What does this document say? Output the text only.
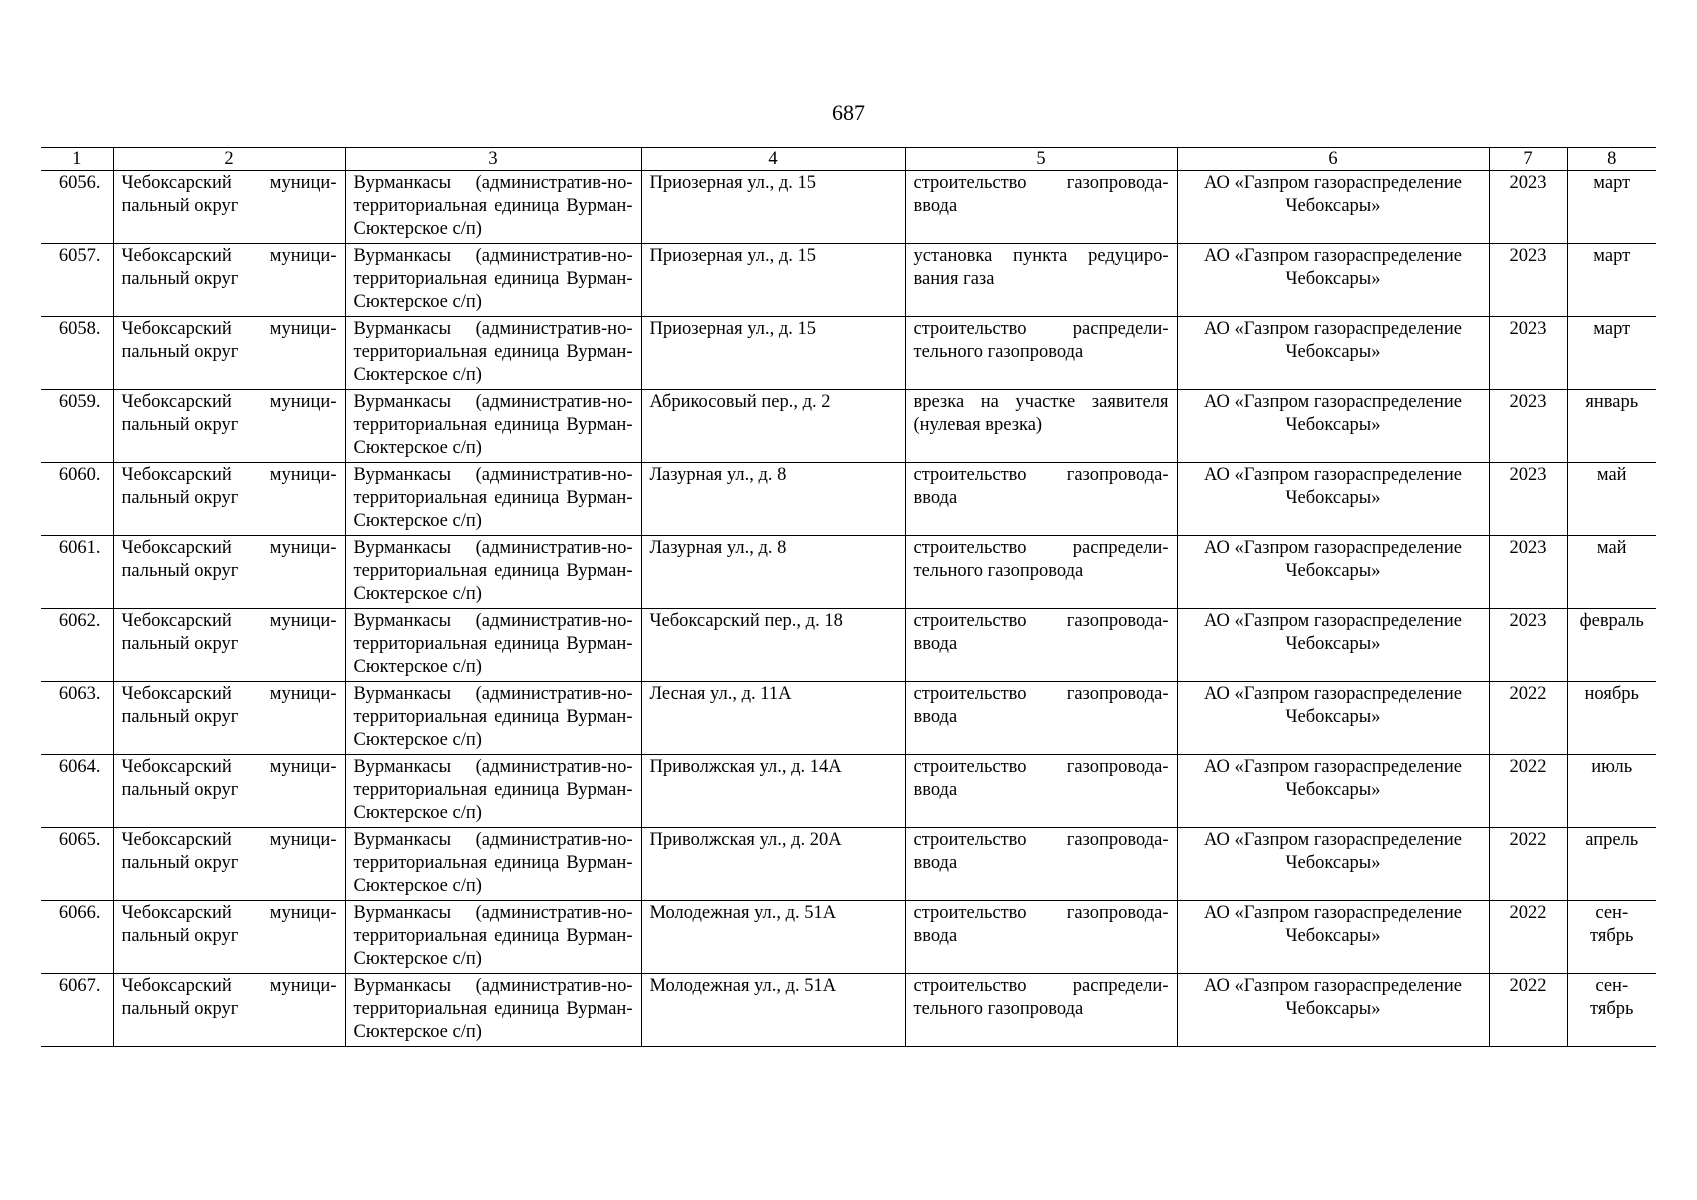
687
1	2	3	4	5	6	7	8
6056.	Чебоксарский муници-пальный округ	Вурманкасы (административ-но-территориальная единица Вурман-Сюктерское с/п)	Приозерная ул., д. 15	строительство газопровода-ввода	АО «Газпром газораспределение Чебоксары»	2023	март
6057.	Чебоксарский муници-пальный округ	Вурманкасы (административ-но-территориальная единица Вурман-Сюктерское с/п)	Приозерная ул., д. 15	установка пункта редуциро-вания газа	АО «Газпром газораспределение Чебоксары»	2023	март
6058.	Чебоксарский муници-пальный округ	Вурманкасы (административ-но-территориальная единица Вурман-Сюктерское с/п)	Приозерная ул., д. 15	строительство распредели-тельного газопровода	АО «Газпром газораспределение Чебоксары»	2023	март
6059.	Чебоксарский муници-пальный округ	Вурманкасы (административ-но-территориальная единица Вурман-Сюктерское с/п)	Абрикосовый пер., д. 2	врезка на участке заявителя (нулевая врезка)	АО «Газпром газораспределение Чебоксары»	2023	январь
6060.	Чебоксарский муници-пальный округ	Вурманкасы (административ-но-территориальная единица Вурман-Сюктерское с/п)	Лазурная ул., д. 8	строительство газопровода-ввода	АО «Газпром газораспределение Чебоксары»	2023	май
6061.	Чебоксарский муници-пальный округ	Вурманкасы (административ-но-территориальная единица Вурман-Сюктерское с/п)	Лазурная ул., д. 8	строительство распредели-тельного газопровода	АО «Газпром газораспределение Чебоксары»	2023	май
6062.	Чебоксарский муници-пальный округ	Вурманкасы (административ-но-территориальная единица Вурман-Сюктерское с/п)	Чебоксарский пер., д. 18	строительство газопровода-ввода	АО «Газпром газораспределение Чебоксары»	2023	февраль
6063.	Чебоксарский муници-пальный округ	Вурманкасы (административ-но-территориальная единица Вурман-Сюктерское с/п)	Лесная ул., д. 11А	строительство газопровода-ввода	АО «Газпром газораспределение Чебоксары»	2022	ноябрь
6064.	Чебоксарский муници-пальный округ	Вурманкасы (административ-но-территориальная единица Вурман-Сюктерское с/п)	Приволжская ул., д. 14А	строительство газопровода-ввода	АО «Газпром газораспределение Чебоксары»	2022	июль
6065.	Чебоксарский муници-пальный округ	Вурманкасы (административ-но-территориальная единица Вурман-Сюктерское с/п)	Приволжская ул., д. 20А	строительство газопровода-ввода	АО «Газпром газораспределение Чебоксары»	2022	апрель
6066.	Чебоксарский муници-пальный округ	Вурманкасы (административ-но-территориальная единица Вурман-Сюктерское с/п)	Молодежная ул., д. 51А	строительство газопровода-ввода	АО «Газпром газораспределение Чебоксары»	2022	сен-тябрь
6067.	Чебоксарский муници-пальный округ	Вурманкасы (административ-но-территориальная единица Вурман-Сюктерское с/п)	Молодежная ул., д. 51А	строительство распредели-тельного газопровода	АО «Газпром газораспределение Чебоксары»	2022	сен-тябрь
